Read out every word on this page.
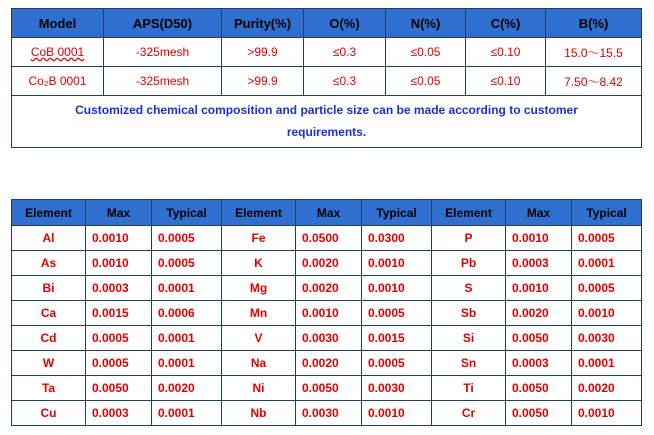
Model	APS(D50)	Purity(%)	O(%)	N(%)	C(%)	B(%)
CoB 0001	-325mesh	>99.9	≤0.3	≤0.05	≤0.10	15.0～15.5
Co₂B 0001	-325mesh	>99.9	≤0.3	≤0.05	≤0.10	7.50～8.42
Customized chemical composition and particle size can be made according to customer requirements.						
Element	Max	Typical	Element	Max	Typical	Element	Max	Typical
Al	0.0010	0.0005	Fe	0.0500	0.0300	P	0.0010	0.0005
As	0.0010	0.0005	K	0.0020	0.0010	Pb	0.0003	0.0001
Bi	0.0003	0.0001	Mg	0.0020	0.0010	S	0.0010	0.0005
Ca	0.0015	0.0006	Mn	0.0010	0.0005	Sb	0.0020	0.0010
Cd	0.0005	0.0001	V	0.0030	0.0015	Si	0.0050	0.0030
W	0.0005	0.0001	Na	0.0020	0.0005	Sn	0.0003	0.0001
Ta	0.0050	0.0020	Ni	0.0050	0.0030	Ti	0.0050	0.0020
Cu	0.0003	0.0001	Nb	0.0030	0.0010	Cr	0.0050	0.0010
